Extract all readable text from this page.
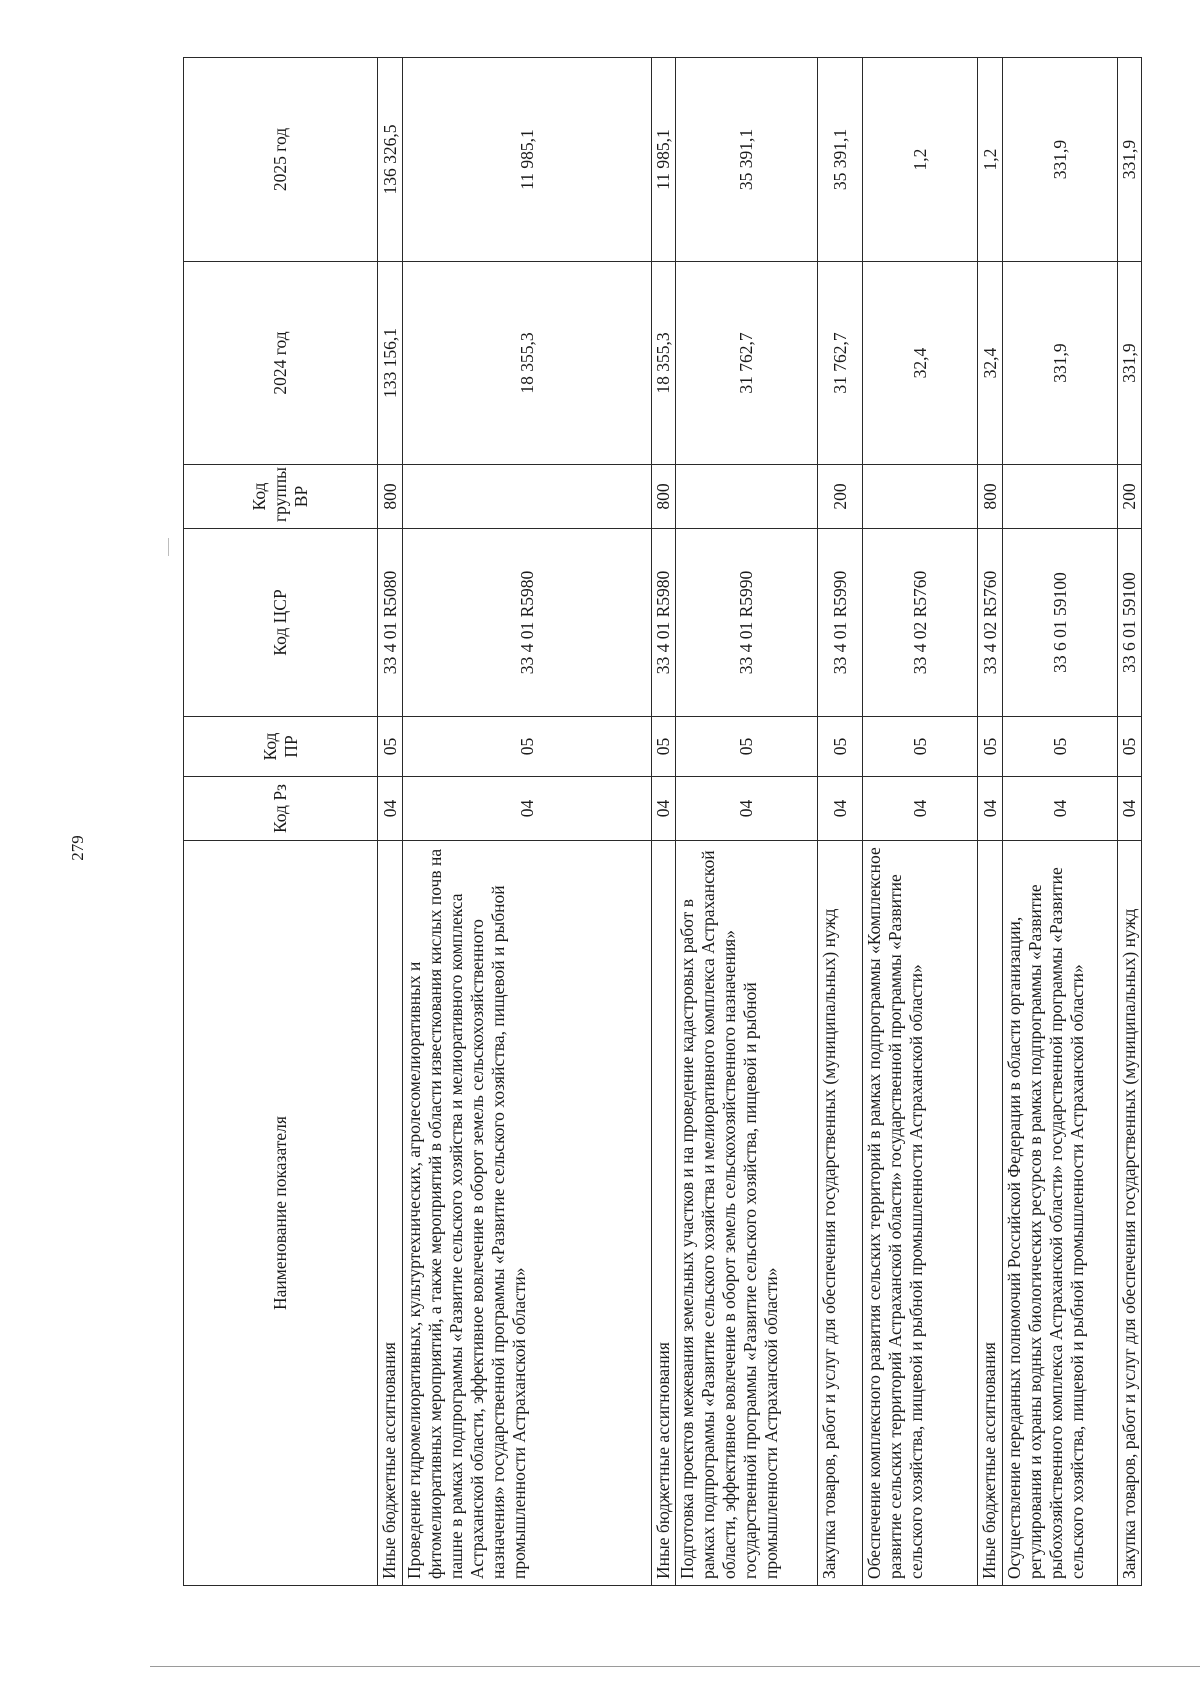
279
Наименование показателя	Код Рз	Код ПР	Код ЦСР	Код группы ВР	2024 год	2025 год
Иные бюджетные ассигнования	04	05	33 4 01 R5080	800	133 156,1	136 326,5
Проведение гидромелиоративных, культуртехнических, агролесомелиоративных и фитомелиоративных мероприятий, а также мероприятий в области известкования кислых почв на пашне в рамках подпрограммы «Развитие сельского хозяйства и мелиоративного комплекса Астраханской области, эффективное вовлечение в оборот земель сельскохозяйственного назначения» государственной программы «Развитие сельского хозяйства, пищевой и рыбной промышленности Астраханской области»	04	05	33 4 01 R5980		18 355,3	11 985,1
Иные бюджетные ассигнования	04	05	33 4 01 R5980	800	18 355,3	11 985,1
Подготовка проектов межевания земельных участков и на проведение кадастровых работ в рамках подпрограммы «Развитие сельского хозяйства и мелиоративного комплекса Астраханской области, эффективное вовлечение в оборот земель сельскохозяйственного назначения» государственной программы «Развитие сельского хозяйства, пищевой и рыбной промышленности Астраханской области»	04	05	33 4 01 R5990		31 762,7	35 391,1
Закупка товаров, работ и услуг для обеспечения государственных (муниципальных) нужд	04	05	33 4 01 R5990	200	31 762,7	35 391,1
Обеспечение комплексного развития сельских территорий в рамках подпрограммы «Комплексное развитие сельских территорий Астраханской области» государственной программы «Развитие сельского хозяйства, пищевой и рыбной промышленности Астраханской области»	04	05	33 4 02 R5760		32,4	1,2
Иные бюджетные ассигнования	04	05	33 4 02 R5760	800	32,4	1,2
Осуществление переданных полномочий Российской Федерации в области организации, регулирования и охраны водных биологических ресурсов в рамках подпрограммы «Развитие рыбохозяйственного комплекса Астраханской области» государственной программы «Развитие сельского хозяйства, пищевой и рыбной промышленности Астраханской области»	04	05	33 6 01 59100		331,9	331,9
Закупка товаров, работ и услуг для обеспечения государственных (муниципальных) нужд	04	05	33 6 01 59100	200	331,9	331,9
